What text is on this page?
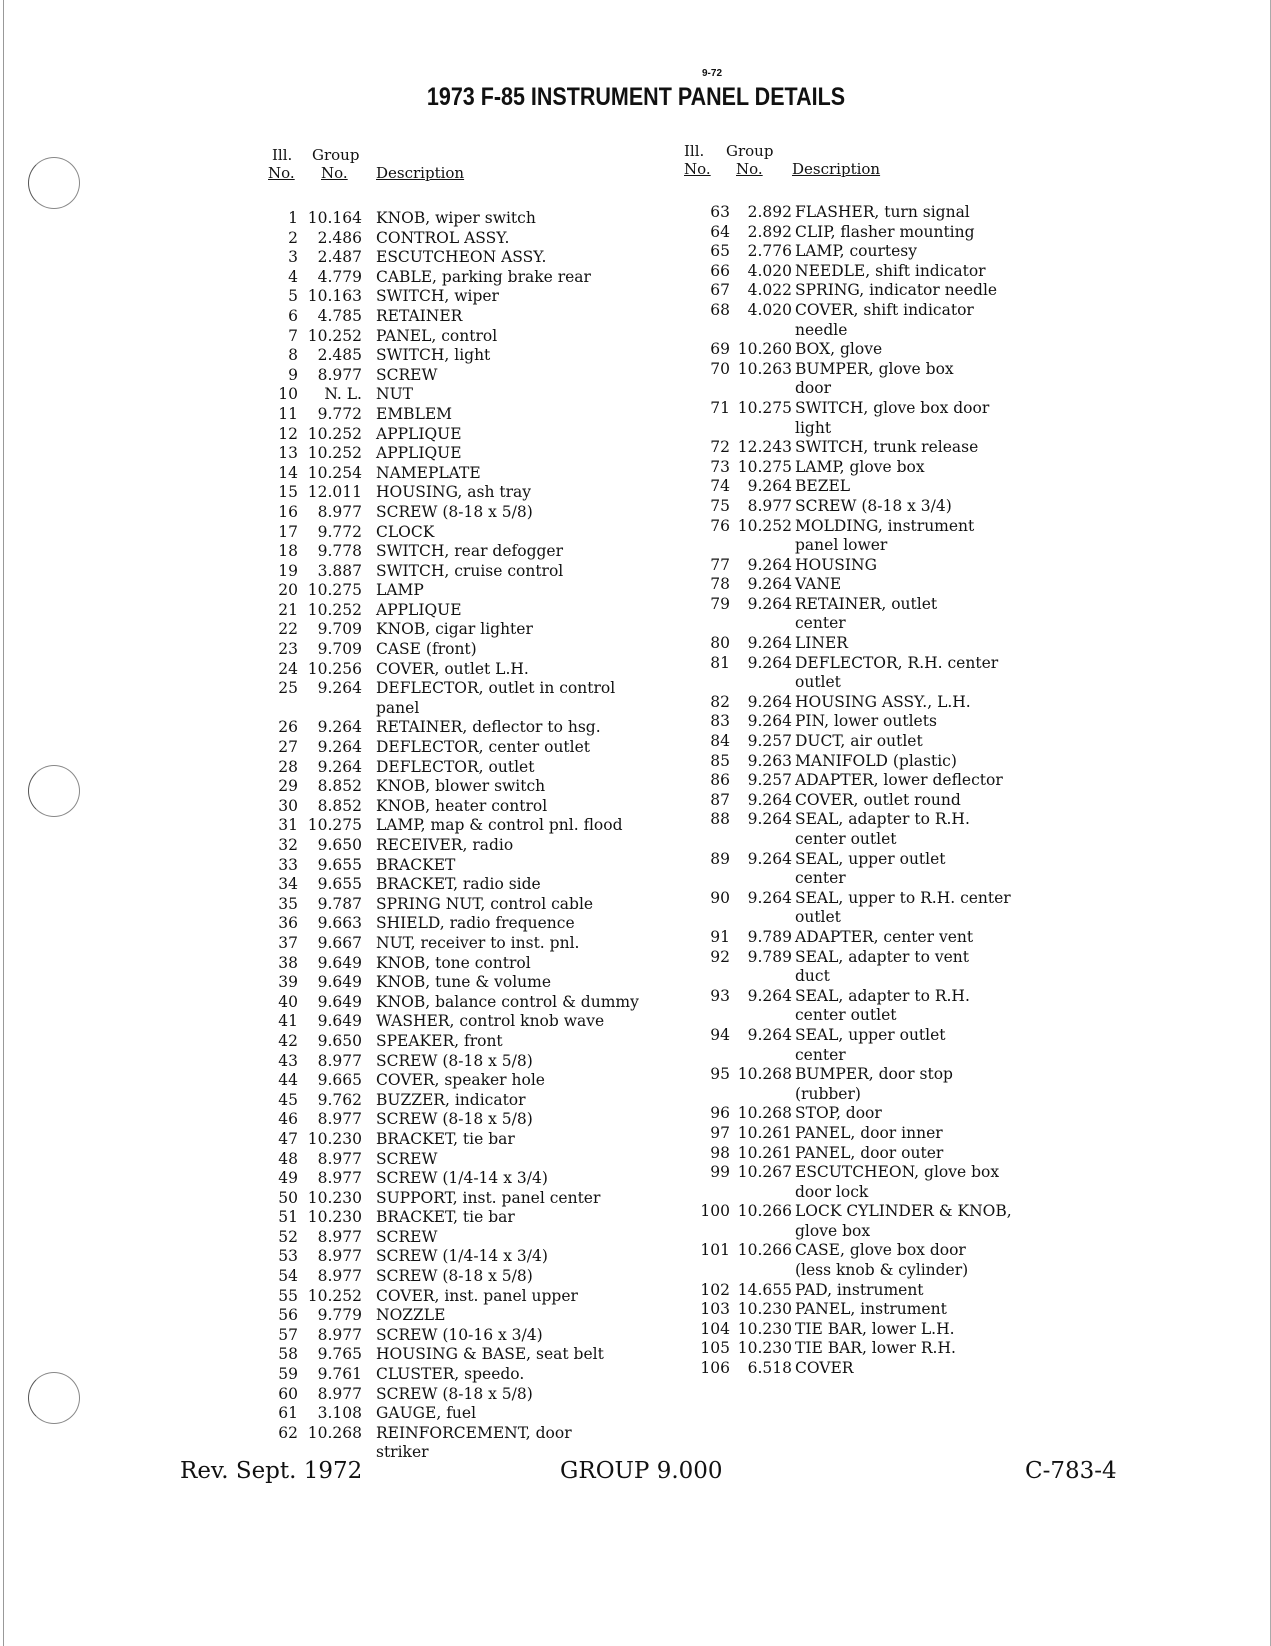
9-72
1973 F-85 INSTRUMENT PANEL DETAILS
Ill.
No.
Group
No. Description
1 10.164 KNOB, wiper switch
2	2.486 CONTROL ASSY.
3	2.487 ESCUTCHEON ASSY.
4	4.779 CABLE, parking brake rear
5 10.163 SWITCH, wiper
6	4.785 RETAINER
7 10.252 PANEL, control
8	2.485 SWITCH, light
9	8.977 SCREW
10	N. L. NUT
11	9.772 EMBLEM
12 10.252 APPLIQUE
13 10.252 APPLIQUE
14 10.254 NAMEPLATE
15 12.011 HOUSING, ash tray
16	8.977 SCREW (8-18 x 5/8)
17	9.772 CLOCK
18	9.778 SWITCH, rear defogger
19	3.887 SWITCH, cruise control
20 10.275 LAMP
21 10.252 APPLIQUE
22	9.709 KNOB, cigar lighter
23	9.709 CASE (front)
24 10.256 COVER, outlet L.H.
25	9.264 DEFLECTOR, outlet in control
panel
26	9.264 RETAINER, deflector to hsg.
27	9.264 DEFLECTOR, center outlet
28	9.264 DEFLECTOR, outlet
29	8.852 KNOB, blower switch
30	8.852 KNOB, heater control
31 10.275 LAMP, map & control pnl. flood
32	9.650 RECEIVER, radio
33	9.655 BRACKET
34	9.655 BRACKET, radio side
35	9.787 SPRING NUT, control cable
36	9.663 SHIELD, radio frequence
37	9.667 NUT, receiver to inst. pnl.
38	9.649 KNOB, tone control
39	9.649 KNOB, tune & volume
40	9.649 KNOB, balance control & dummy
41	9.649 WASHER, control knob wave
42	9.650 SPEAKER, front
43	8.977 SCREW (8-18 x 5/8)
44	9.665 COVER, speaker hole
45	9.762 BUZZER, indicator
46	8.977 SCREW (8-18 x 5/8)
47 10.230 BRACKET, tie bar
48	8.977 SCREW
49	8.977 SCREW (1/4-14 x 3/4)
50 10.230 SUPPORT, inst. panel center
51 10.230 BRACKET, tie bar
52	8.977 SCREW
53	8.977 SCREW (1/4-14 x 3/4)
54	8.977 SCREW (8-18 x 5/8)
55 10.252 COVER, inst. panel upper
56	9.779 NOZZLE
57	8.977 SCREW (10-16 x 3/4)
58	9.765 HOUSING & BASE, seat belt
59	9.761 CLUSTER, speedo.
60	8.977 SCREW (8-18 x 5/8)
61	3.108 GAUGE, fuel
62 10.268 REINFORCEMENT, door
striker
Ill.
No.
Group
No. Description
63	2.892 FLASHER, turn signal
64	2.892 CLIP, flasher mounting
65	2.776 LAMP, courtesy
66	4.020 NEEDLE, shift indicator
67	4.022 SPRING, indicator needle
68	4.020 COVER, shift indicator
needle
69 10.260 BOX, glove
70 10.263 BUMPER, glove box
door
71 10.275 SWITCH, glove box door
light
72 12.243 SWITCH, trunk release
73 10.275 LAMP, glove box
74	9.264 BEZEL
75	8.977 SCREW (8-18 x 3/4)
76 10.252 MOLDING, instrument
panel lower
77	9.264 HOUSING
78	9.264 VANE
79	9.264 RETAINER, outlet
center
80	9.264 LINER
81	9.264 DEFLECTOR, R.H. center
outlet
82	9.264 HOUSING ASSY., L.H.
83	9.264 PIN, lower outlets
84	9.257 DUCT, air outlet
85	9.263 MANIFOLD (plastic)
86	9.257 ADAPTER, lower deflector
87	9.264 COVER, outlet round
88	9.264 SEAL, adapter to R.H.
center outlet
89	9.264 SEAL, upper outlet
center
90	9.264 SEAL, upper to R.H. center
outlet
91	9.789 ADAPTER, center vent
92	9.789 SEAL, adapter to vent
duct
93	9.264 SEAL, adapter to R.H.
center outlet
94	9.264 SEAL, upper outlet
center
95 10.268 BUMPER, door stop
(rubber)
96 10.268 STOP, door
97 10.261 PANEL, door inner
98 10.261 PANEL, door outer
99 10.267 ESCUTCHEON, glove box
door lock
100 10.266 LOCK CYLINDER & KNOB,
glove box
101 10.266 CASE, glove box door
(less knob & cylinder)
102 14.655 PAD, instrument
103 10.230 PANEL, instrument
104 10.230 TIE BAR, lower L.H.
105 10.230 TIE BAR, lower R.H.
106	6.518 COVER
Rev. Sept. 1972	GROUP 9.000	C-783-4
